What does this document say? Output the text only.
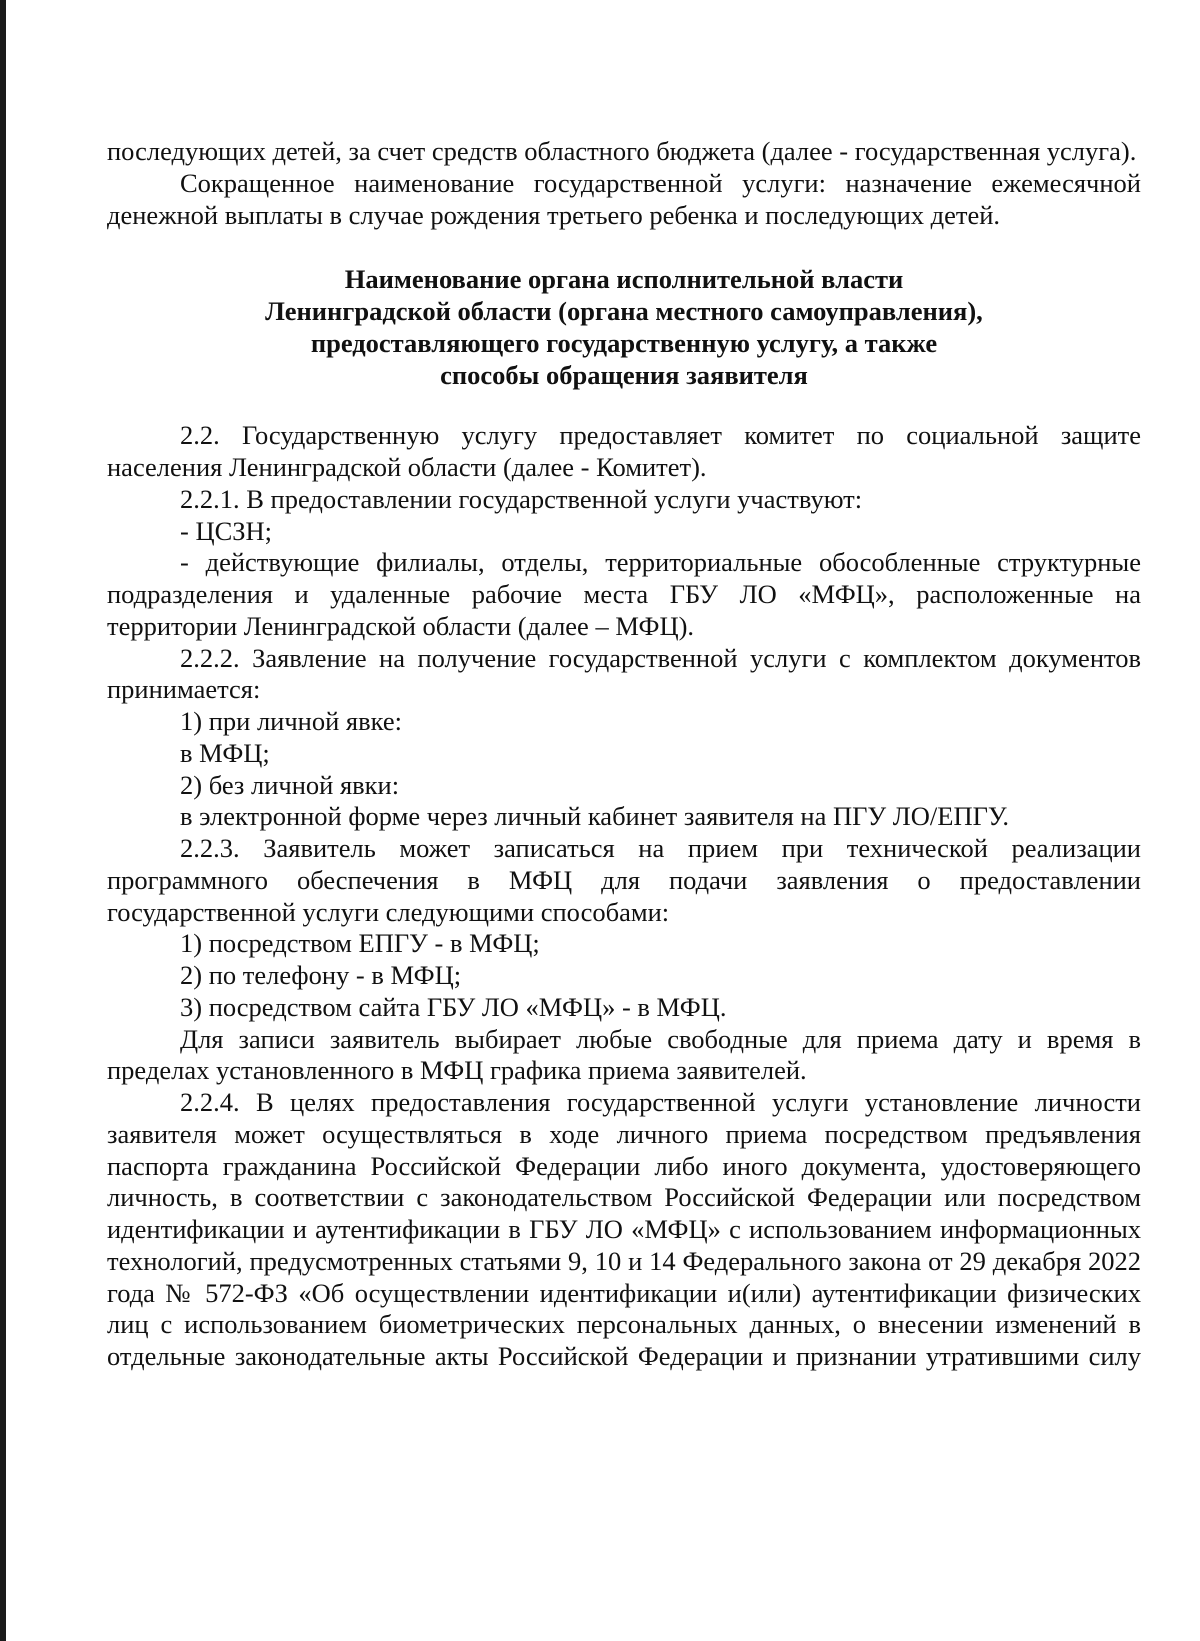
последующих детей, за счет средств областного бюджета (далее - государственная услуга).

Сокращенное наименование государственной услуги: назначение ежемесячной денежной выплаты в случае рождения третьего ребенка и последующих детей.

Наименование органа исполнительной власти

Ленинградской области (органа местного самоуправления),

предоставляющего государственную услугу, а также

способы обращения заявителя

2.2. Государственную услугу предоставляет комитет по социальной защите населения Ленинградской области (далее - Комитет).

2.2.1. В предоставлении государственной услуги участвуют:

- ЦСЗН;

- действующие филиалы, отделы, территориальные обособленные структурные подразделения и удаленные рабочие места ГБУ ЛО «МФЦ», расположенные на территории Ленинградской области (далее – МФЦ).

2.2.2. Заявление на получение государственной услуги с комплектом документов принимается:

1) при личной явке:

в МФЦ;

2) без личной явки:

в электронной форме через личный кабинет заявителя на ПГУ ЛО/ЕПГУ.

2.2.3. Заявитель может записаться на прием при технической реализации программного обеспечения в МФЦ для подачи заявления о предоставлении государственной услуги следующими способами:

1) посредством ЕПГУ - в МФЦ;

2) по телефону - в МФЦ;

3) посредством сайта ГБУ ЛО «МФЦ» - в МФЦ.

Для записи заявитель выбирает любые свободные для приема дату и время в пределах установленного в МФЦ графика приема заявителей.

2.2.4. В целях предоставления государственной услуги установление личности заявителя может осуществляться в ходе личного приема посредством предъявления паспорта гражданина Российской Федерации либо иного документа, удостоверяющего личность, в соответствии с законодательством Российской Федерации или посредством идентификации и аутентификации в ГБУ ЛО «МФЦ» с использованием информационных технологий, предусмотренных статьями 9, 10 и 14 Федерального закона от 29 декабря 2022 года № 572-ФЗ «Об осуществлении идентификации и(или) аутентификации физических лиц с использованием биометрических персональных данных, о внесении изменений в отдельные законодательные акты Российской Федерации и признании утратившими силу
